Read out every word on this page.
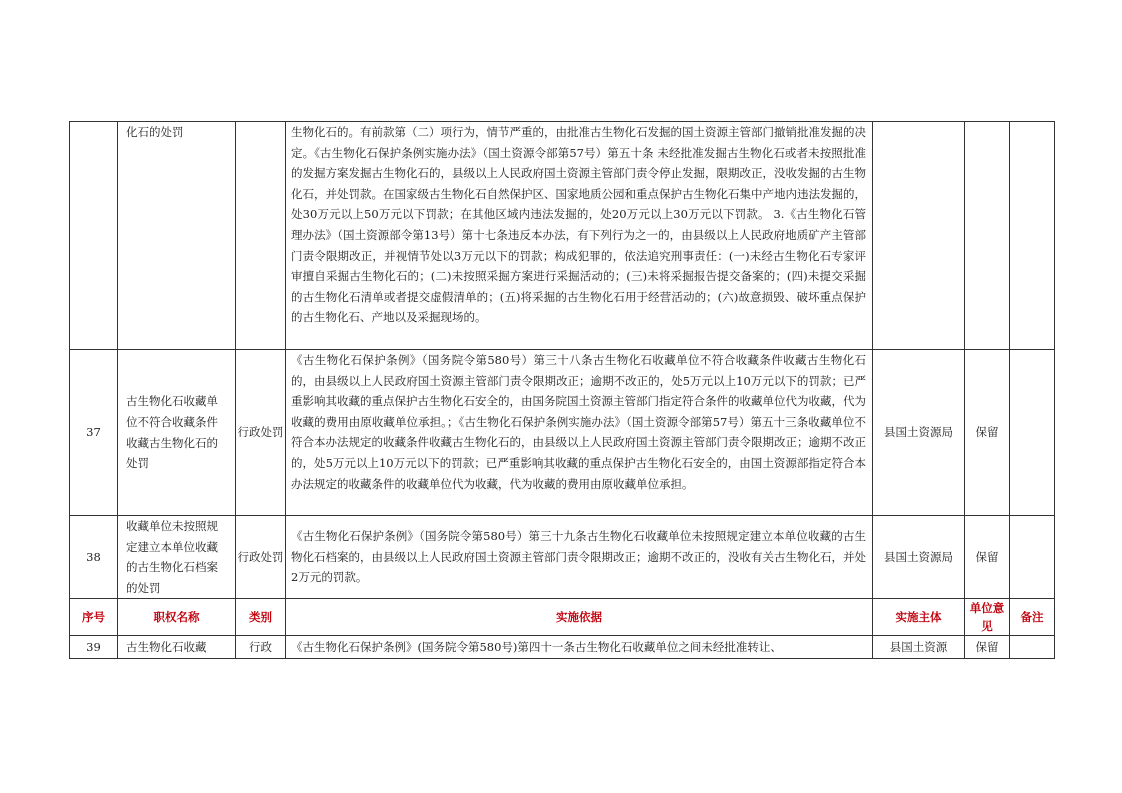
	化石的处罚		生物化石的。有前款第（二）项行为，情节严重的，由批准古生物化石发掘的国土资源主管部门撤销批准发掘的决定。《古生物化石保护条例实施办法》（国土资源令部第57号）第五十条 未经批准发掘古生物化石或者未按照批准的发掘方案发掘古生物化石的，县级以上人民政府国土资源主管部门责令停止发掘，限期改正，没收发掘的古生物化石，并处罚款。在国家级古生物化石自然保护区、国家地质公园和重点保护古生物化石集中产地内违法发掘的，处30万元以上50万元以下罚款；在其他区域内违法发掘的，处20万元以上30万元以下罚款。 3.《古生物化石管理办法》（国土资源部令第13号）第十七条违反本办法，有下列行为之一的，由县级以上人民政府地质矿产主管部门责令限期改正，并视情节处以3万元以下的罚款；构成犯罪的，依法追究刑事责任：(一)未经古生物化石专家评审擅自采掘古生物化石的；(二)未按照采掘方案进行采掘活动的；(三)未将采掘报告提交备案的；(四)未提交采掘的古生物化石清单或者提交虚假清单的；(五)将采掘的古生物化石用于经营活动的；(六)故意损毁、破坏重点保护的古生物化石、产地以及采掘现场的。			
37	古生物化石收藏单位不符合收藏条件收藏古生物化石的处罚	行政处罚	《古生物化石保护条例》（国务院令第580号）第三十八条古生物化石收藏单位不符合收藏条件收藏古生物化石的，由县级以上人民政府国土资源主管部门责令限期改正；逾期不改正的，处5万元以上10万元以下的罚款；已严重影响其收藏的重点保护古生物化石安全的，由国务院国土资源主管部门指定符合条件的收藏单位代为收藏，代为收藏的费用由原收藏单位承担。；《古生物化石保护条例实施办法》（国土资源令部第57号）第五十三条收藏单位不符合本办法规定的收藏条件收藏古生物化石的，由县级以上人民政府国土资源主管部门责令限期改正；逾期不改正的，处5万元以上10万元以下的罚款；已严重影响其收藏的重点保护古生物化石安全的，由国土资源部指定符合本办法规定的收藏条件的收藏单位代为收藏，代为收藏的费用由原收藏单位承担。	县国土资源局	保留	
38	收藏单位未按照规定建立本单位收藏的古生物化石档案的处罚	行政处罚	《古生物化石保护条例》（国务院令第580号）第三十九条古生物化石收藏单位未按照规定建立本单位收藏的古生物化石档案的，由县级以上人民政府国土资源主管部门责令限期改正；逾期不改正的，没收有关古生物化石，并处2万元的罚款。	县国土资源局	保留	
序号	职权名称	类别	实施依据	实施主体	单位意见	备注
39	古生物化石收藏	行政	《古生物化石保护条例》(国务院令第580号)第四十一条古生物化石收藏单位之间未经批准转让、	县国土资源	保留	
